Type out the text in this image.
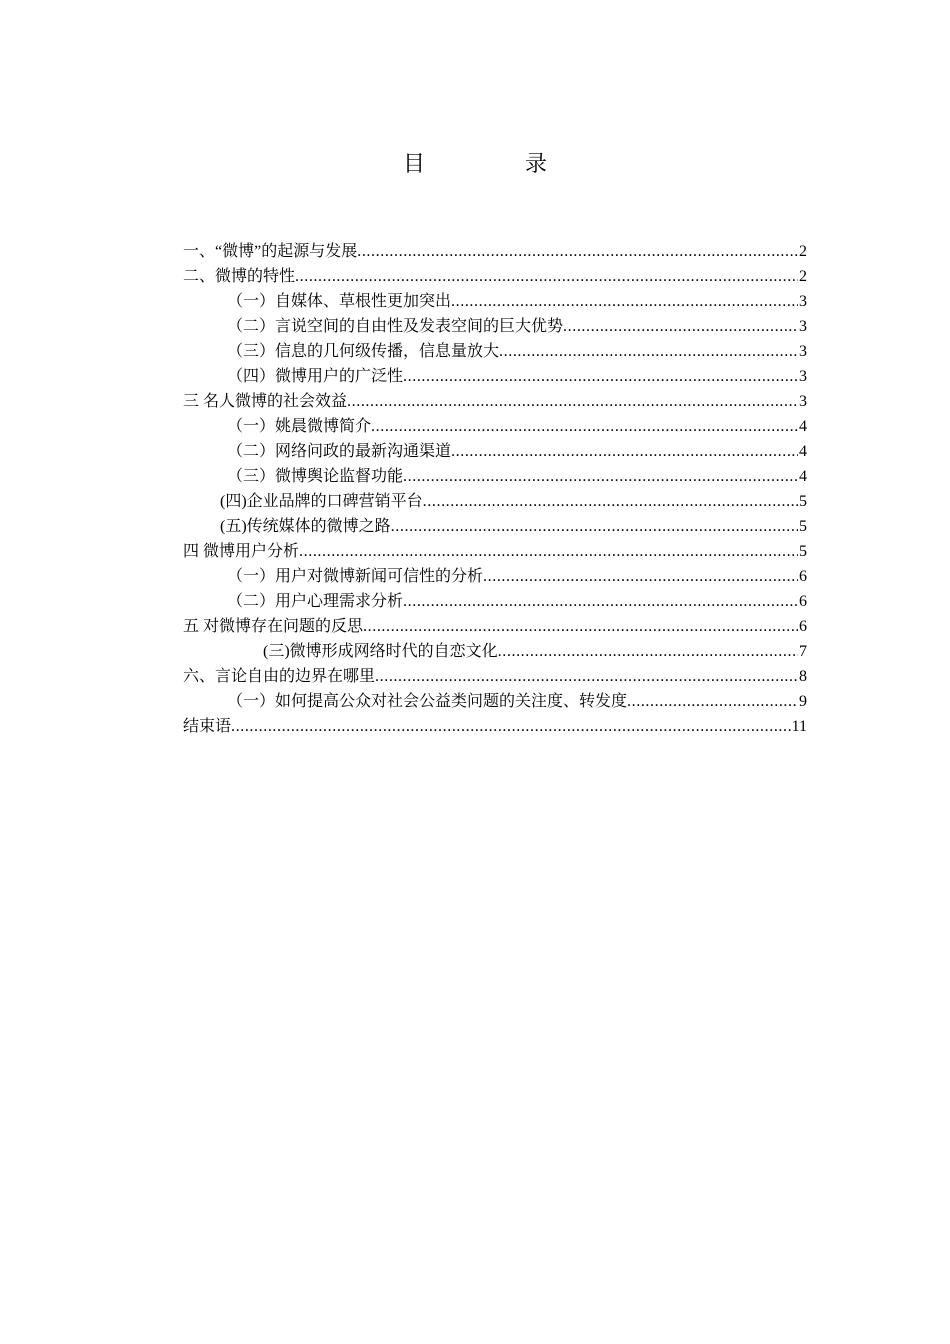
目	录
一、“微博”的起源与发展 .....	2
二、微博的特性 .....	2
（一）自媒体、草根性更加突出 .....	3
（二）言说空间的自由性及发表空间的巨大优势 .....	3
（三）信息的几何级传播，信息量放大 .....	3
（四）微博用户的广泛性 .....	3
三 名人微博的社会效益 .....	3
（一）姚晨微博简介 .....	4
（二）网络问政的最新沟通渠道 .....	4
（三）微博舆论监督功能 .....	4
(四)企业品牌的口碑营销平台 .....	5
(五)传统媒体的微博之路 .....	5
四 微博用户分析 .....	5
（一）用户对微博新闻可信性的分析 .....	6
（二）用户心理需求分析 .....	6
五 对微博存在问题的反思 .....	6
(三)微博形成网络时代的自恋文化 .....	7
六、言论自由的边界在哪里 .....	8
（一）如何提高公众对社会公益类问题的关注度、转发度 .....	9
结束语 .....	11
